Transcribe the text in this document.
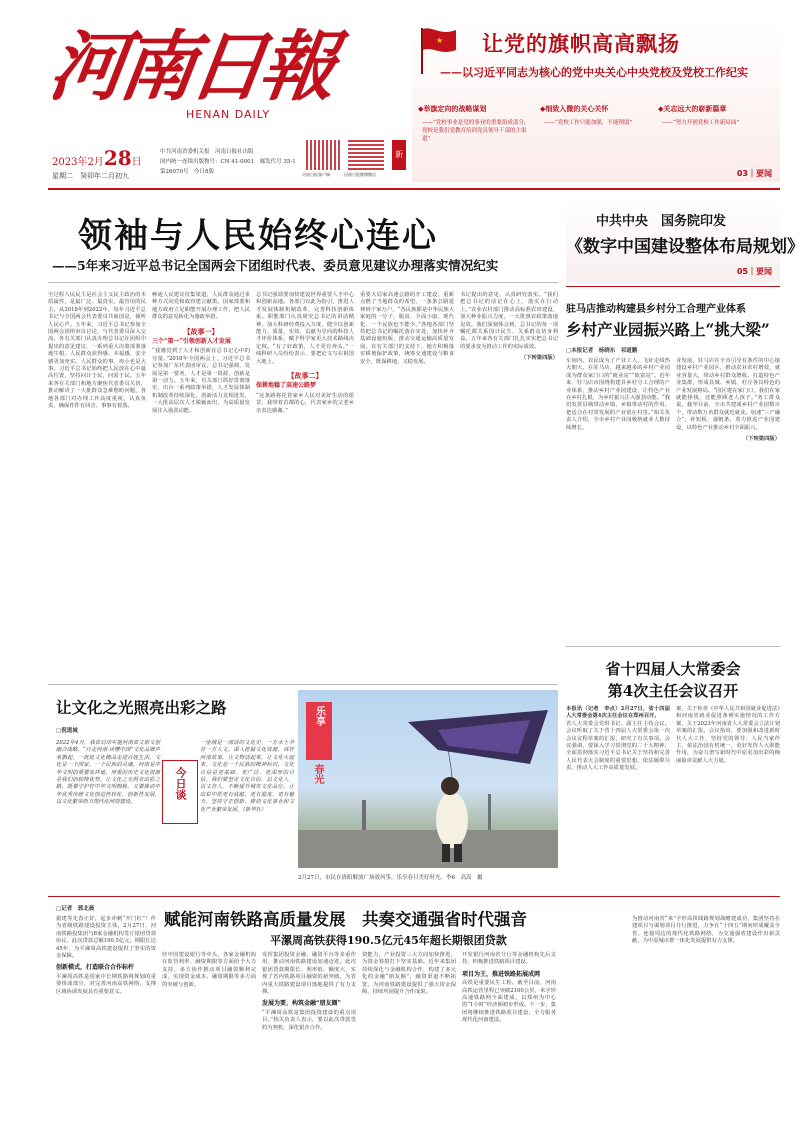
河南日報
HENAN DAILY
2023年2月28日
星期二　癸卯年二月初九
中共河南省委机关报　河南日报社出版
国内统一连续出版物号：CN 41-0001　邮发代号 35-1
第26070号　今日8版	河南日报客户端	河南日报微博微信
新
★ 让党的旗帜高高飘扬
——以习近平同志为核心的党中央关心中央党校及党校工作纪实
◆举旗定向的战略谋划
——“党校事业是党的事业的重要组成部分，党校是我们党教育培训党员领导干部的主渠道”
◆细致入微的关心关怀
——“党校工作只能加强，不能削弱”
◆关志远大的崭新篇章
——“努力开创党校工作新局面”
03｜要闻
领袖与人民始终心连心
——5年来习近平总书记全国两会下团组时代表、委员意见建议办理落实情况纪实

全过程人民民主是社会主义民主政治的本质属性，是最广泛、最真实、最管用的民主。从2018年到2022年，每年习近平总书记与全国两会代表委员共商国是，倾听人民心声。五年来，习近平总书记参加全国两会团组审议讨论，与代表委员深入交流。各有关部门认真办理总书记在团组中提出的意见建议，一系列重大决策部署落地生根，人民群众获得感、幸福感、安全感更加充实。人民群众的事，再小也是大事。习近平总书记始终把人民放在心中最高位置，坚持问计于民，问需于民。五年来各有关部门和地方聚焦代表委员关切，推动解决了一大批群众急难愁盼问题，各地各部门对办理工作高度重视，认真负责，确保件件有回音、事事有着落。

畅通人民建议征集渠道，人民群众通过多种方式向党和政府建言献策。国家部委和地方政府立足职能开展办理工作，把人民群众的意见转化为施政举措。

【故事一】

三个“第一”引领创新人才发展

“我感觉到了人才和创新在总书记心中的分量。”2018年全国两会上，习近平总书记参加广东代表团审议。总书记强调，发展是第一要务，人才是第一资源，创新是第一动力。五年来，有关部门抓好贯彻落实，出台一系列政策举措，人才发展体制机制改革持续深化，创新活力竞相迸发，一大批高层次人才脱颖而出，为高质量发展注入强劲动能。

总书记强调要加快建设世界重要人才中心和创新高地。各部门以此为指引，推进人才发展体制机制改革，完善科技创新体系。职能部门认真研究总书记的讲话精神，加大科研经费投入力度，健全以创新能力、质量、实效、贡献为导向的科技人才评价体系，赋予科学家更大技术路线决定权。“有了好政策，人才更有奔头。”一线科研人员纷纷表示，要把论文写在祖国大地上。

【故事二】

保耕地稳了高速公路梦

“这条路将托着家乡人民对美好生活的愿景，我带着首都的心，代表家乡的父老乡亲表达感谢。”

重要大局家高速公路的开工建设，重新点燃了当地群众的希望。一条条公路延伸到千家万户，“各民族都是中华民族大家庭的一分子，脱贫、全面小康、现代化，一个民族也不能少。”各地各部门坚持把总书记的嘱托落在实处，加快补齐基础设施短板，推动交通运输高质量发展。在有关部门的支持下，地方积极落实耕地保护政策，统筹交通建设与粮食安全，既保耕地，又稳发展。

书记提出的意见，认真研究落实。“我们把总书记的话记在心上，落实在行动上。”农业农村部门推动高标准农田建设，加大种业振兴力度，一大批惠农政策落地见效。我们深刻体会到，总书记的每一项嘱托都关系国计民生，关系群众切身利益。五年来各有关部门扎扎实实把总书记的要求变为推动工作的实际成效。

（下转第四版）

中共中央　国务院印发
《数字中国建设整体布局规划》
05｜要闻
驻马店推动构建县乡村分工合理产业体系
乡村产业园振兴路上“挑大梁”
□本报记者　杨晓东　祁道鹏

车间内，农民成为了产业工人，飞针走线热火朝天。在驻马店，越来越多的乡村产业园成为群众家门口的“就业站”“致富站”。近年来，驻马店市围绕构建县乡村分工合理的产业体系，推动乡村产业园建设，让特色产业在乡村扎根，为乡村振兴注入强劲动能。“我们发挥县城带动乡镇、乡镇带动村的作用，把适合在村里发展的产业留在村里。”相关负责人介绍，全市乡村产业园吸纳就业人数持续增长。

业发展，驻马店在全市引导有条件的中心镇建设乡村产业园区，推动农业农村增效，就业容量大，带动乡村群众增收。打造特色产业集群，形成县城、乡镇、村庄各具特色的产业发展格局。“园区建在家门口，我们在家就能挣钱，还能照顾老人孩子。”务工群众说。截至目前，全市共建成乡村产业园数百个，带动数万名群众就近就业。加速“三产融合”，补短板、强链条，着力推进产业园建设，以特色产业推动乡村全面振兴。

（下转第四版）

省十四届人大常委会
第4次主任会议召开

本报讯（记者　李点）2月27日，省十四届人大常委会第4次主任会议在郑州召开。

省人大常委会党组书记、副主任主持会议。会议听取了关于省十四届人大常委会第一次会议议程草案的汇报，研究了有关事项。会议强调，要深入学习贯彻党的二十大精神，全面贯彻落实习近平总书记关于坚持和完善人民代表大会制度的重要思想，依法履职尽责，推动人大工作高质量发展。

案，关于检查《中华人民共和国就业促进法》和河南省就业促进条例实施情况的工作方案，关于2023年河南省人大常委会立法计划草案的汇报。会议指出，要加强和改进新时代人大工作，坚持党的领导、人民当家作主、依法治国有机统一，更好发挥人大职能作用，为奋力谱写新时代中原更加出彩的绚丽篇章贡献人大力量。

让文化之光照亮出彩之路
□倪道城

2022年4月，我省启动实施河南省文旅文创融合战略，“行走河南·读懂中国”文化品牌声名鹊起，一批批文化精品走进百姓生活。文化是一个国家、一个民族的灵魂。河南是中华文明的重要发祥地，厚重的历史文化资源是我们的独特优势。让文化之光照亮出彩之路，既要守护好中华文明根脉，又要推动中华优秀传统文化创造性转化、创新性发展，以文化繁荣助力现代化河南建设。

今日谈

一座城是一部活的文化史，一方水土孕育一方人文。深入挖掘文化资源，讲好河南故事，让文物活起来，让文化火起来。文化是一个民族的精神标识，文化自信是更基础、更广泛、更深厚的自信。我们要坚定文化自信，以文化人、以文育人，不断提升城市文化品位，让出彩中原更有底蕴、更有温度、更有魅力。坚持守正创新，推动文化事业和文化产业繁荣发展。（新华社）

乐享
春光
2月27日，市民在洛阳解放广场放风筝，乐享春日美好时光。李6　高嵩　摄
□记者　郭北晨
赋能河南铁路高质量发展　共奏交通强省时代强音
平漯周高铁获得190.5亿元45年超长期银团贷款

据建等先春正好，起步冲刺“开门红”！作为省级铁路建设投资主体，2月27日，河南铁路投集团与8家金融机构签订银团贷款协议。此次贷款总额190.5亿元，期限长达45年，为平漯周高铁建设提供了坚实的资金保障。

创新模式，打造联合合作标杆

平漯周高铁是国家中长期铁路网规划的重要组成部分，对完善河南高铁网络、支撑区域协调发展具有重要意义。

经中国建设银行等牵头，各家金融机构在监管利率、融资期限等方面给予大力支持，多方协作推动项目融资顺利完成，实现资金成本、融资期限等多方面的突破与创新。

发挥集团投资金融、融资平台等多重作用，推动河南铁路建设加速迈进。此次银团贷款期限长、利率低、额度大，实现了省内铁路项目融资的新突破，为省内重大铁路建设项目落地提供了有力支撑。

发展为要，构筑金融“朋友圈”

“平漯周高铁是集团投资建设的重点项目。”相关负责人表示，要以此次贷款签约为契机，深化银企合作。

资能力，产业投资三大方向加快推进，为资金筹措打下坚实基础。近年来集团持续深化与金融机构合作，构建了多元化的金融“朋友圈”，融资渠道不断拓宽，为河南铁路建设提供了强大资金保障，持续巩固提升合作成果。

开发银行河南省分行等金融机构先后支持，积极推进铁路项目建设。

项目为王，推进铁路拓展成网

高铁是重要民生工程。截至目前，河南高铁运营里程已突破2100公里，米字形高速铁路网全面建成，以郑州为中心的“1小时”经济圈初步形成。下一步，集团将继续推进铁路项目建设，全力服务现代化河南建设。

为推动河南省“米”字形高铁线路规划战略建成功，集团坚持在建项目与谋划项目并行推进，力争在“十四五”期间形成覆盖全省、连接周边的现代化铁路网络，为交通强省建设作出新贡献，为中原城市群一体化发展提供有力支撑。
